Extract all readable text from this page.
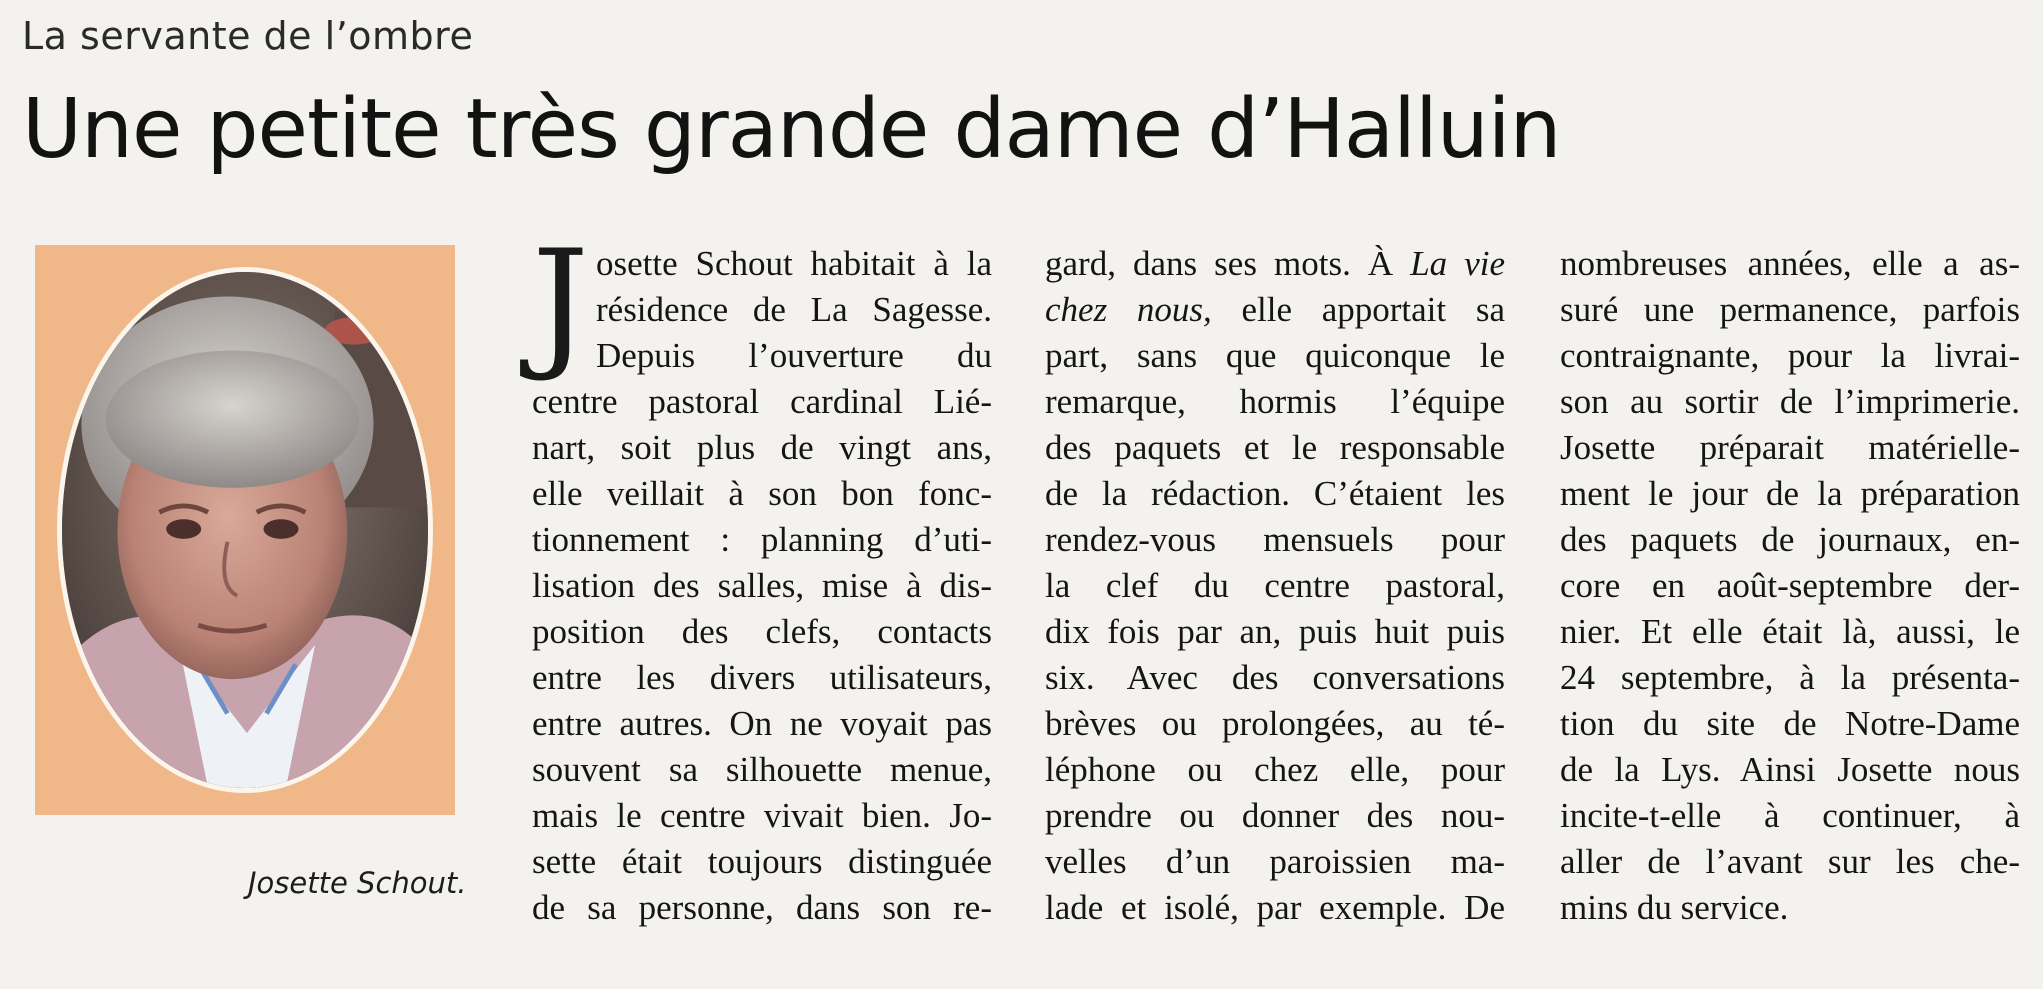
La servante de l’ombre
Une petite très grande dame d’Halluin
Josette Schout.
J osette Schout habitait à la
résidence de La Sagesse.
Depuis l’ouverture du
centre pastoral cardinal Lié-
nart, soit plus de vingt ans,
elle veillait à son bon fonc-
tionnement : planning d’uti-
lisation des salles, mise à dis-
position des clefs, contacts
entre les divers utilisateurs,
entre autres. On ne voyait pas
souvent sa silhouette menue,
mais le centre vivait bien. Jo-
sette était toujours distinguée
de sa personne, dans son re-
gard, dans ses mots. À La vie
chez nous, elle apportait sa
part, sans que quiconque le
remarque, hormis l’équipe
des paquets et le responsable
de la rédaction. C’étaient les
rendez-vous mensuels pour
la clef du centre pastoral,
dix fois par an, puis huit puis
six. Avec des conversations
brèves ou prolongées, au té-
léphone ou chez elle, pour
prendre ou donner des nou-
velles d’un paroissien ma-
lade et isolé, par exemple. De
nombreuses années, elle a as-
suré une permanence, parfois
contraignante, pour la livrai-
son au sortir de l’imprimerie.
Josette préparait matérielle-
ment le jour de la préparation
des paquets de journaux, en-
core en août-septembre der-
nier. Et elle était là, aussi, le
24 septembre, à la présenta-
tion du site de Notre-Dame
de la Lys. Ainsi Josette nous
incite-t-elle à continuer, à
aller de l’avant sur les che-
mins du service.
